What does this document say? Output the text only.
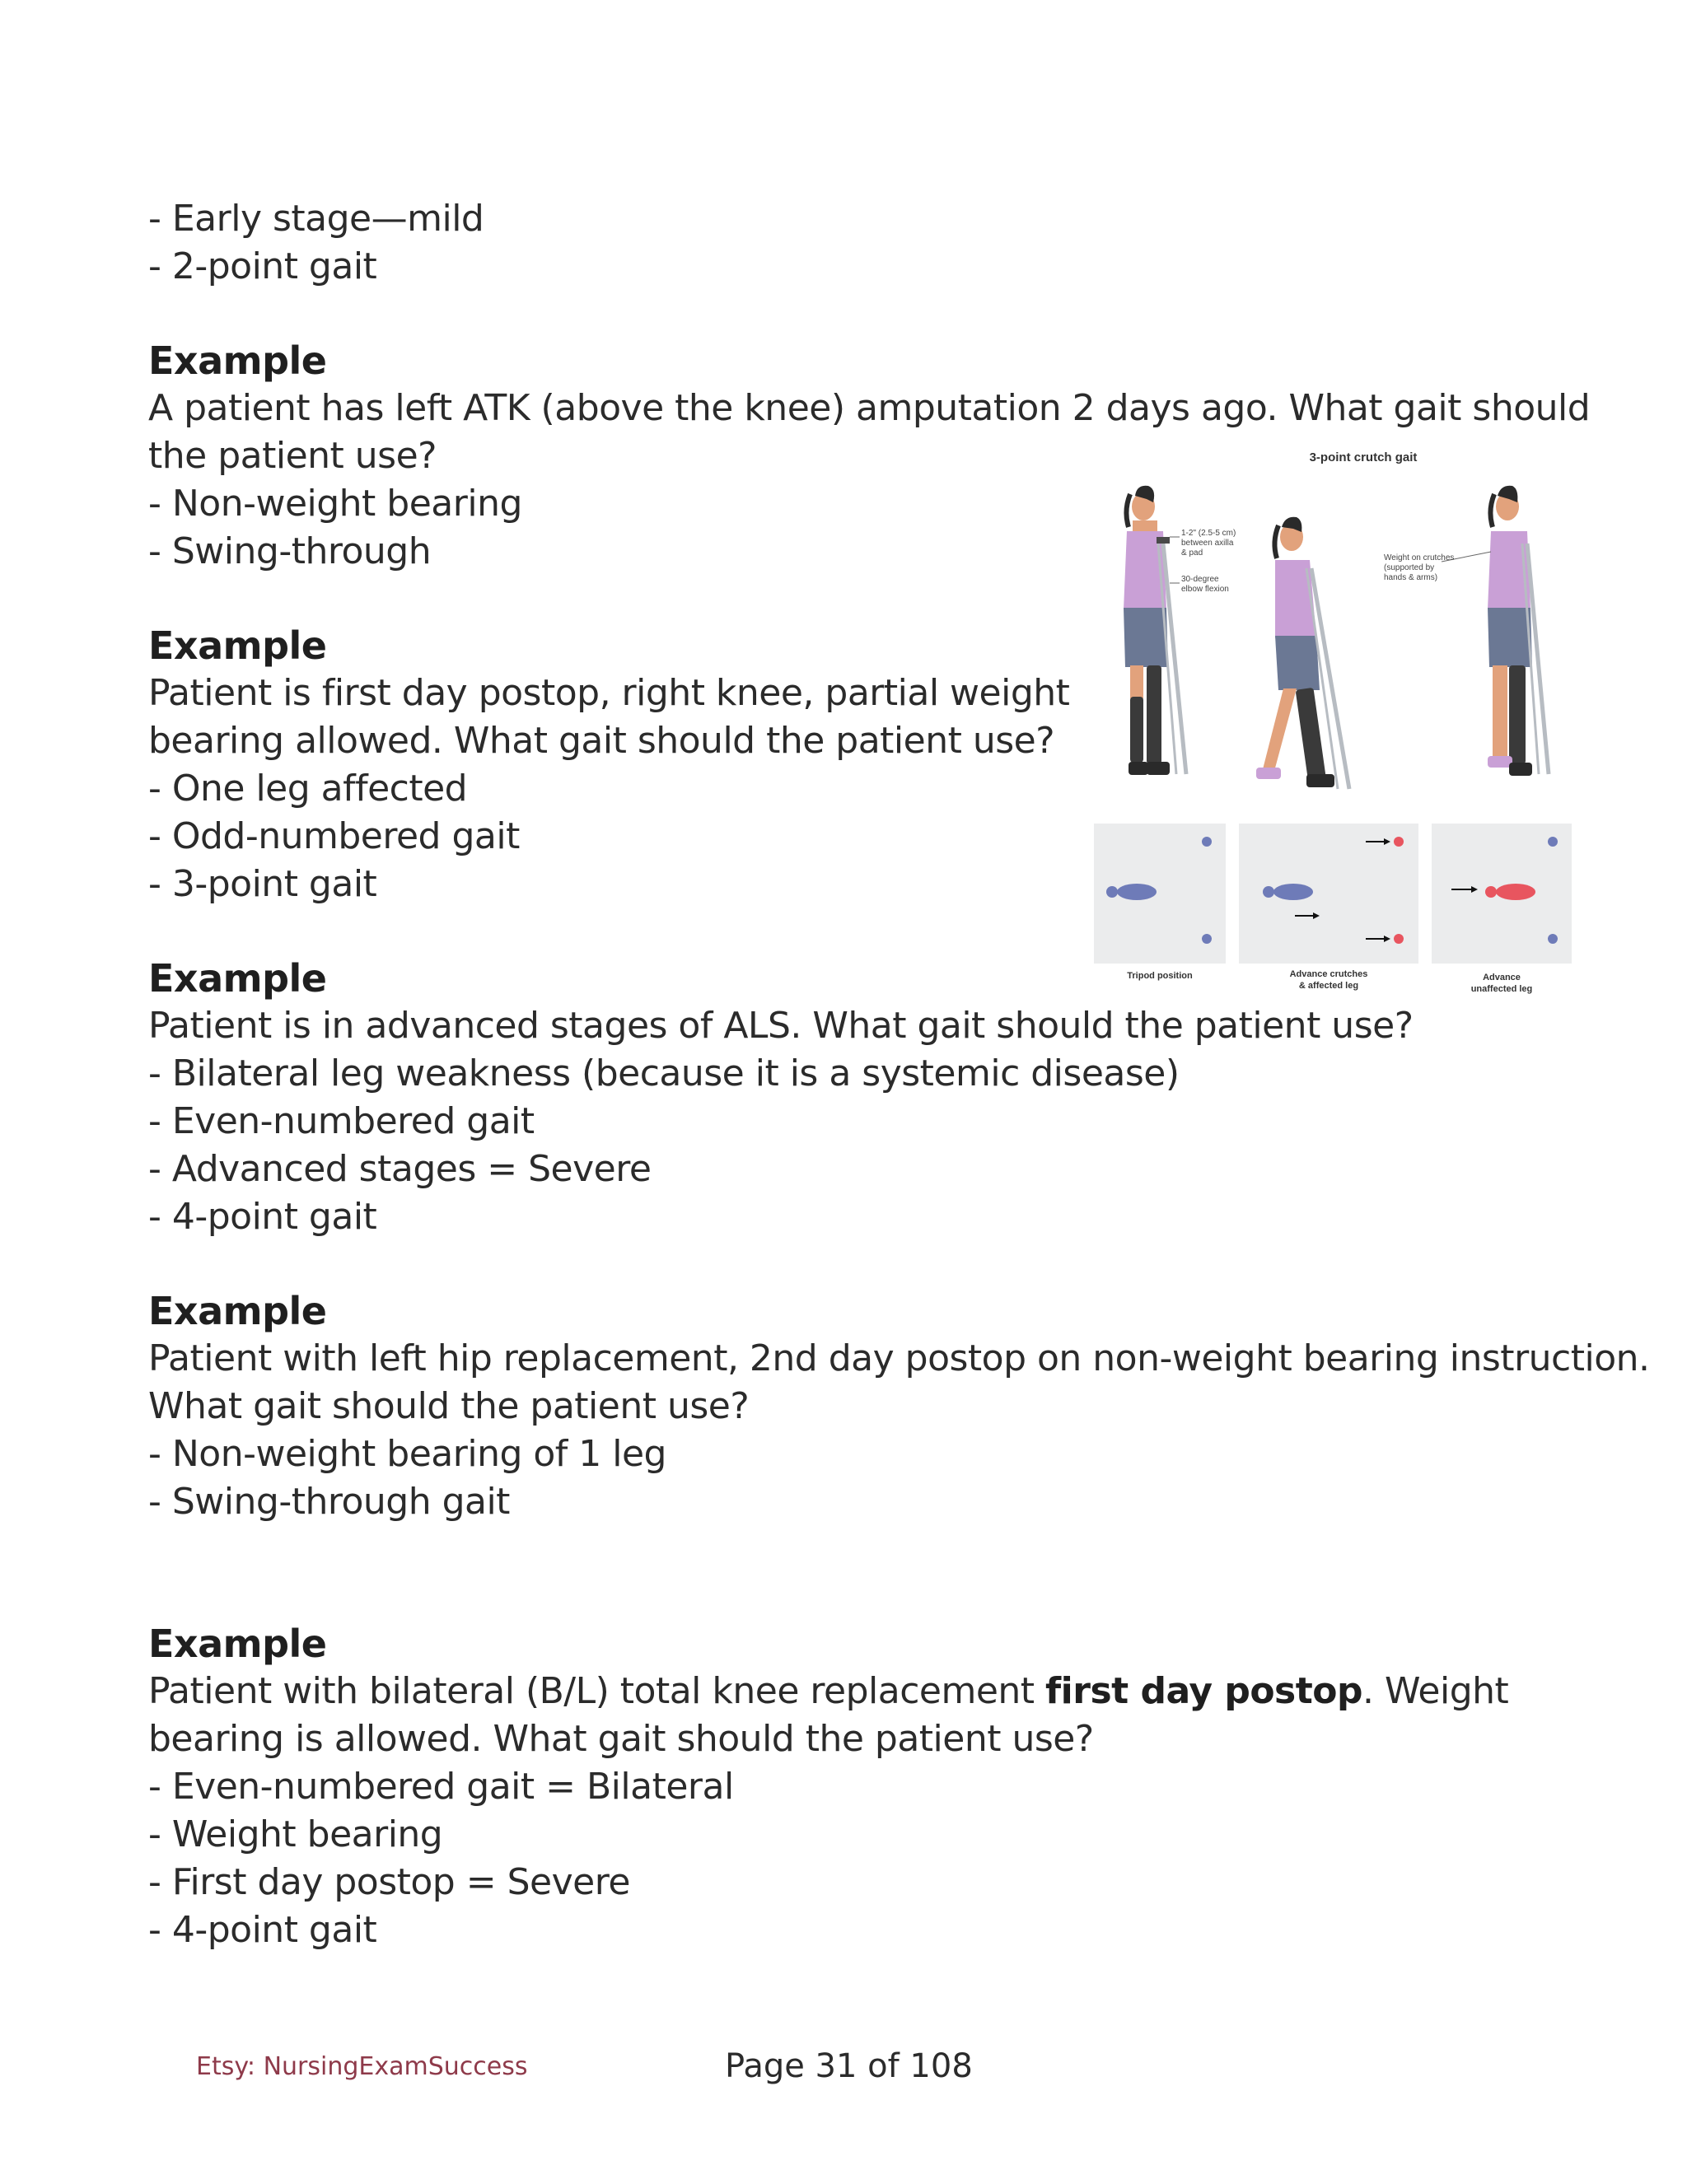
- Early stage—mild
- 2-point gait
Example
A patient has left ATK (above the knee) amputation 2 days ago. What gait should
the patient use?
- Non-weight bearing
- Swing-through
Example
Patient is first day postop, right knee, partial weight
bearing allowed. What gait should the patient use?
- One leg affected
- Odd-numbered gait
- 3-point gait
Example
Patient is in advanced stages of ALS. What gait should the patient use?
- Bilateral leg weakness (because it is a systemic disease)
- Even-numbered gait
- Advanced stages = Severe
- 4-point gait
Example
Patient with left hip replacement, 2nd day postop on non-weight bearing instruction.
What gait should the patient use?
- Non-weight bearing of 1 leg
- Swing-through gait
Example
Patient with bilateral (B/L) total knee replacement first day postop. Weight
bearing is allowed. What gait should the patient use?
- Even-numbered gait = Bilateral
- Weight bearing
- First day postop = Severe
- 4-point gait
3-point crutch gait
1-2" (2.5-5 cm)
between axilla
& pad
30-degree
elbow flexion
Weight on crutches
(supported by
hands & arms)
Tripod position	Advance crutches
& affected leg
Advance
unaffected leg
Etsy: NursingExamSuccess	Page 31 of 108
